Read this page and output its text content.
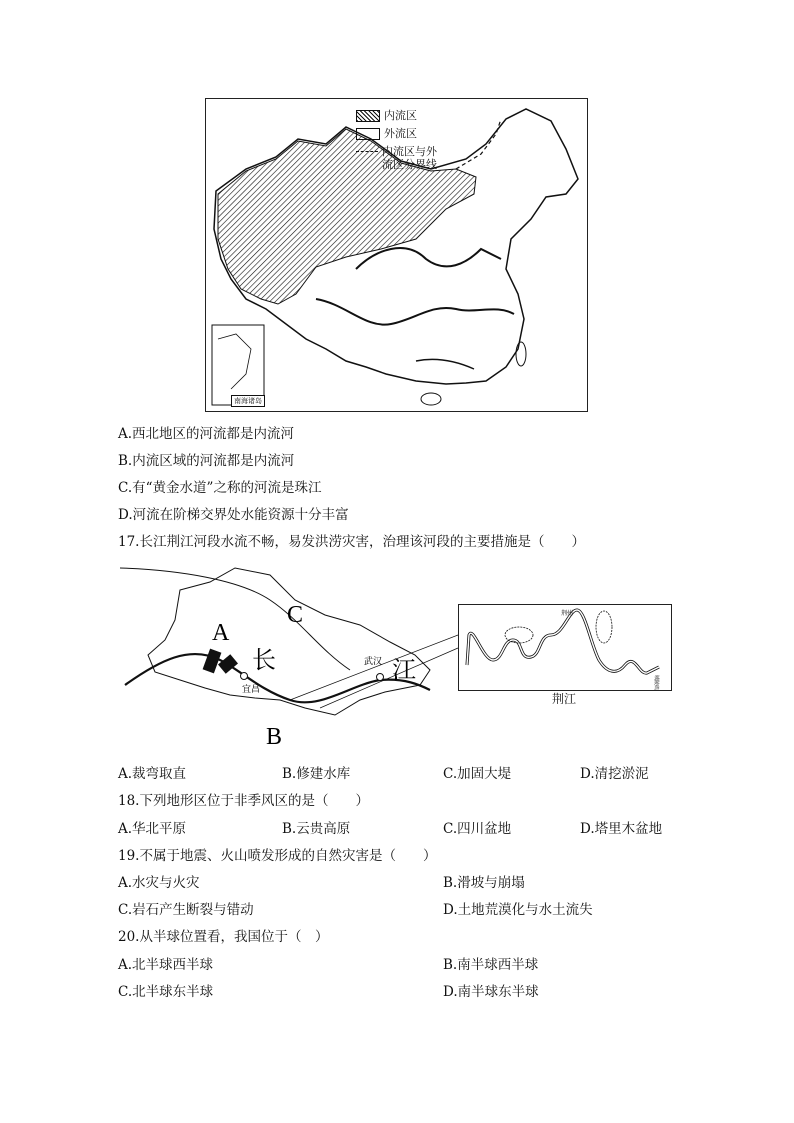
内流区
外流区
内流区与外
流区分界线
南海诸岛
A.西北地区的河流都是内流河
B.内流区域的河流都是内流河
C.有“黄金水道”之称的河流是珠江
D.河流在阶梯交界处水能资源十分丰富
17.长江荆江河段水流不畅，易发洪涝灾害，治理该河段的主要措施是（　　）
A
长
C
B
江
武汉
宜昌
荆州
城陵矶
荆江
A.裁弯取直	B.修建水库	C.加固大堤	D.清挖淤泥
18.下列地形区位于非季风区的是（　　）
A.华北平原	B.云贵高原	C.四川盆地	D.塔里木盆地
19.不属于地震、火山喷发形成的自然灾害是（　　）
A.水灾与火灾	B.滑坡与崩塌
C.岩石产生断裂与错动	D.土地荒漠化与水土流失
20.从半球位置看，我国位于（　）
A.北半球西半球	B.南半球西半球
C.北半球东半球	D.南半球东半球
